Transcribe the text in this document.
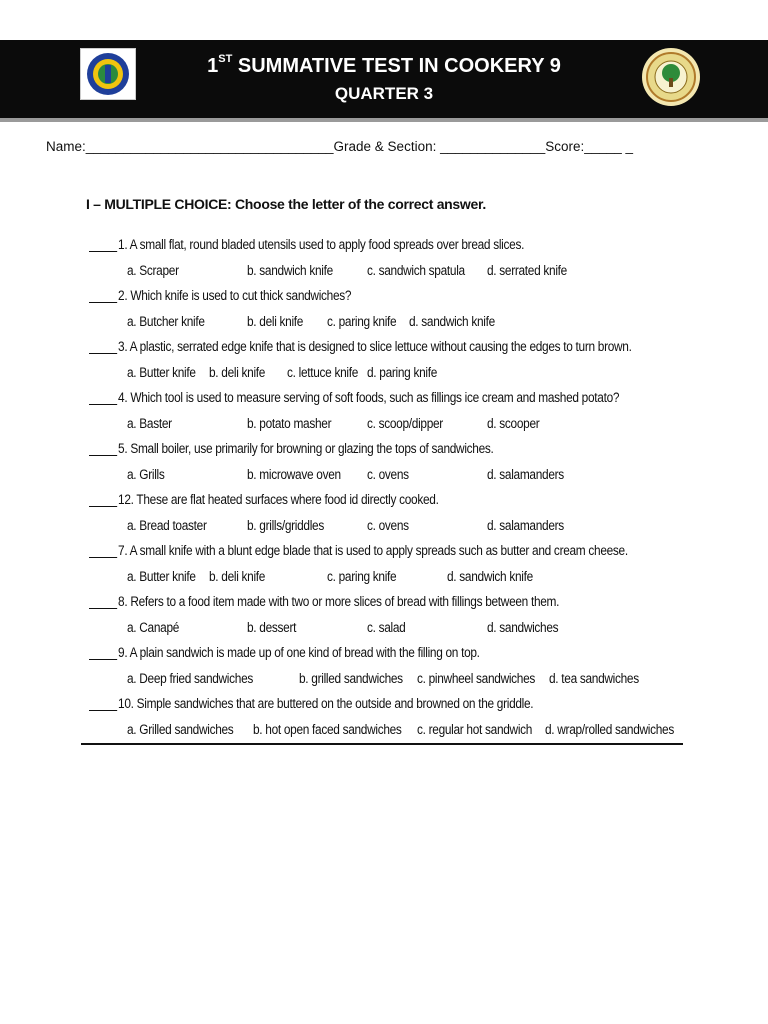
1ST SUMMATIVE TEST IN COOKERY 9
QUARTER 3
Name:_________________________________Grade & Section: ______________Score:_____ _
I – MULTIPLE CHOICE: Choose the letter of the correct answer.
1. A small flat, round bladed utensils used to apply food spreads over bread slices.
a. Scraper	b. sandwich knife	c. sandwich spatula d. serrated knife
2. Which knife is used to cut thick sandwiches?
a. Butcher knife	b. deli knife c. paring knife d. sandwich knife
3. A plastic, serrated edge knife that is designed to slice lettuce without causing the edges to turn brown.
a. Butter knife b. deli knife c. lettuce knife d. paring knife
4. Which tool is used to measure serving of soft foods, such as fillings ice cream and mashed potato?
a. Baster	b. potato masher	c. scoop/dipper	d. scooper
5. Small boiler, use primarily for browning or glazing the tops of sandwiches.
a. Grills	b. microwave oven c. ovens	d. salamanders
12. These are flat heated surfaces where food id directly cooked.
a. Bread toaster	b. grills/griddles	c. ovens	d. salamanders
7. A small knife with a blunt edge blade that is used to apply spreads such as butter and cream cheese.
a. Butter knife b. deli knife	c. paring knife	d. sandwich knife
8. Refers to a food item made with two or more slices of bread with fillings between them.
a. Canapé	b. dessert	c. salad	d. sandwiches
9. A plain sandwich is made up of one kind of bread with the filling on top.
a. Deep fried sandwiches	b. grilled sandwiches c. pinwheel sandwiches d. tea sandwiches
10. Simple sandwiches that are buttered on the outside and browned on the griddle.
a. Grilled sandwiches b. hot open faced sandwiches c. regular hot sandwich d. wrap/rolled sandwiches
